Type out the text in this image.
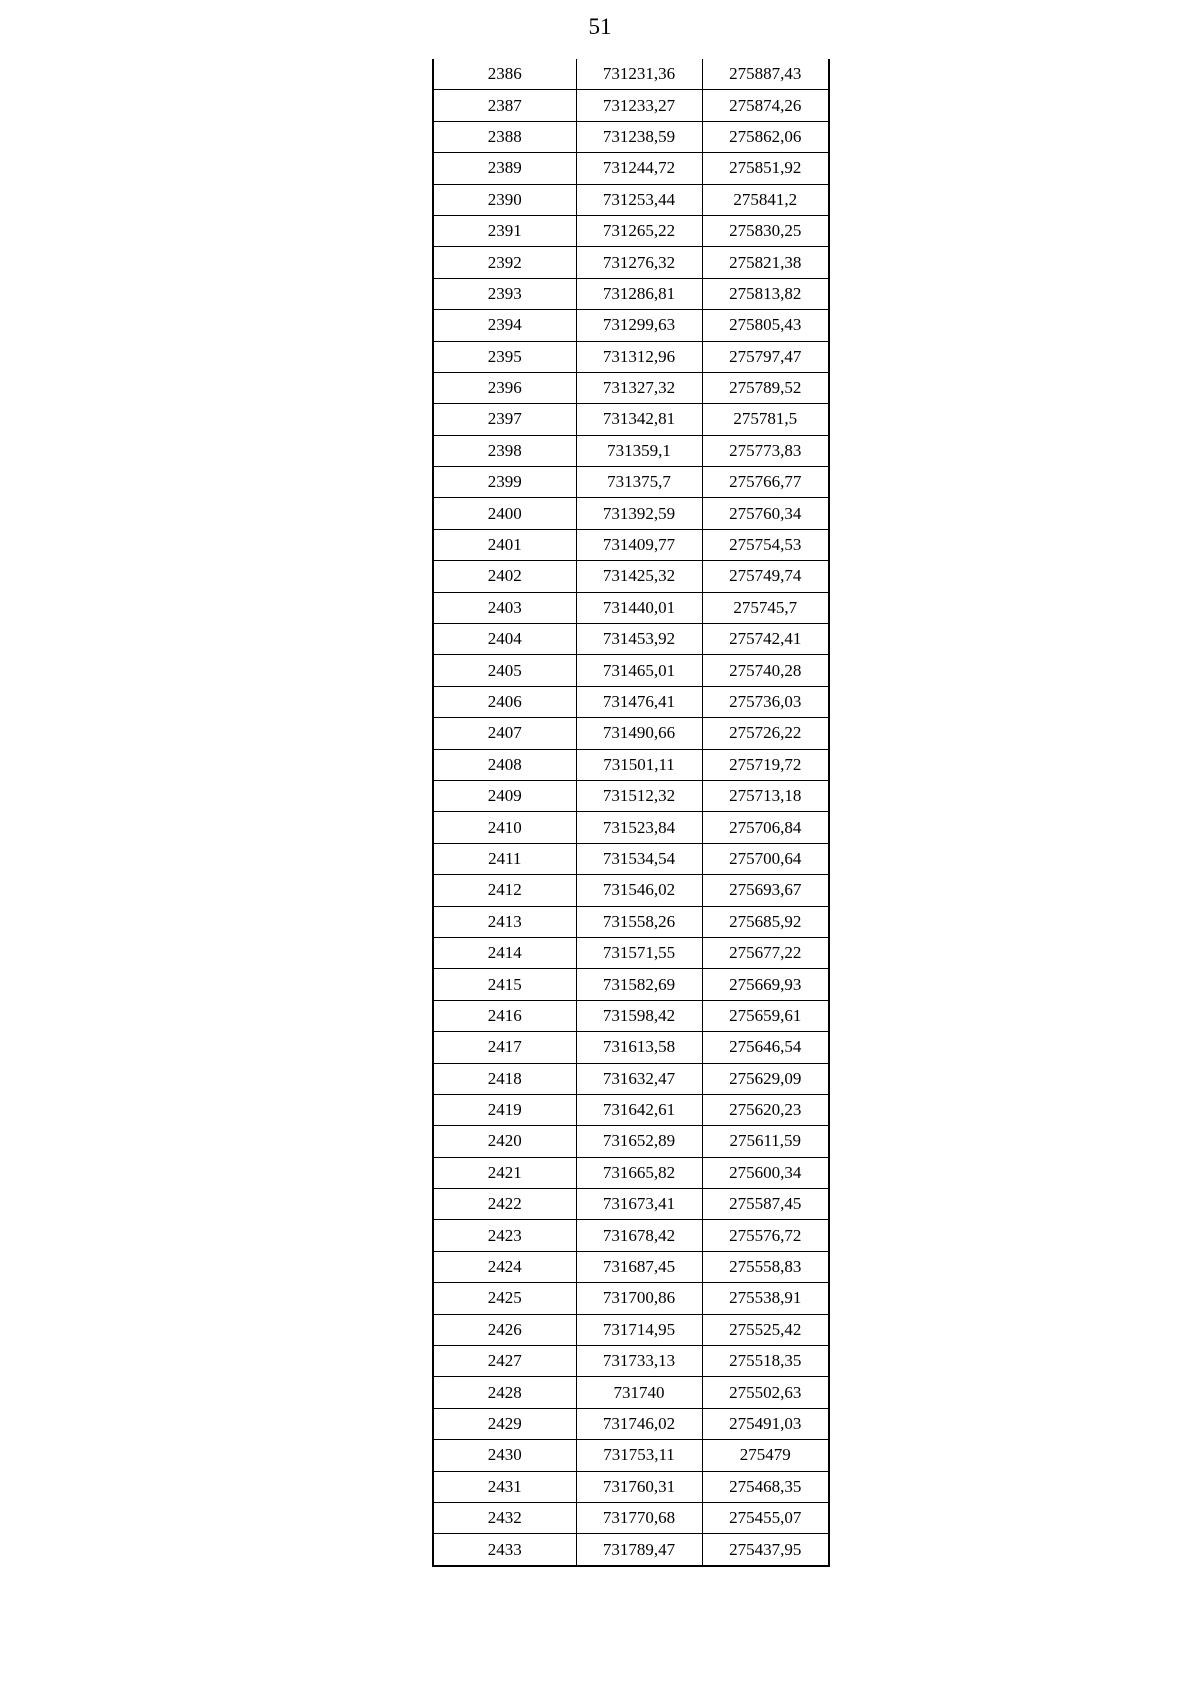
51
2386	731231,36	275887,43
2387	731233,27	275874,26
2388	731238,59	275862,06
2389	731244,72	275851,92
2390	731253,44	275841,2
2391	731265,22	275830,25
2392	731276,32	275821,38
2393	731286,81	275813,82
2394	731299,63	275805,43
2395	731312,96	275797,47
2396	731327,32	275789,52
2397	731342,81	275781,5
2398	731359,1	275773,83
2399	731375,7	275766,77
2400	731392,59	275760,34
2401	731409,77	275754,53
2402	731425,32	275749,74
2403	731440,01	275745,7
2404	731453,92	275742,41
2405	731465,01	275740,28
2406	731476,41	275736,03
2407	731490,66	275726,22
2408	731501,11	275719,72
2409	731512,32	275713,18
2410	731523,84	275706,84
2411	731534,54	275700,64
2412	731546,02	275693,67
2413	731558,26	275685,92
2414	731571,55	275677,22
2415	731582,69	275669,93
2416	731598,42	275659,61
2417	731613,58	275646,54
2418	731632,47	275629,09
2419	731642,61	275620,23
2420	731652,89	275611,59
2421	731665,82	275600,34
2422	731673,41	275587,45
2423	731678,42	275576,72
2424	731687,45	275558,83
2425	731700,86	275538,91
2426	731714,95	275525,42
2427	731733,13	275518,35
2428	731740	275502,63
2429	731746,02	275491,03
2430	731753,11	275479
2431	731760,31	275468,35
2432	731770,68	275455,07
2433	731789,47	275437,95
